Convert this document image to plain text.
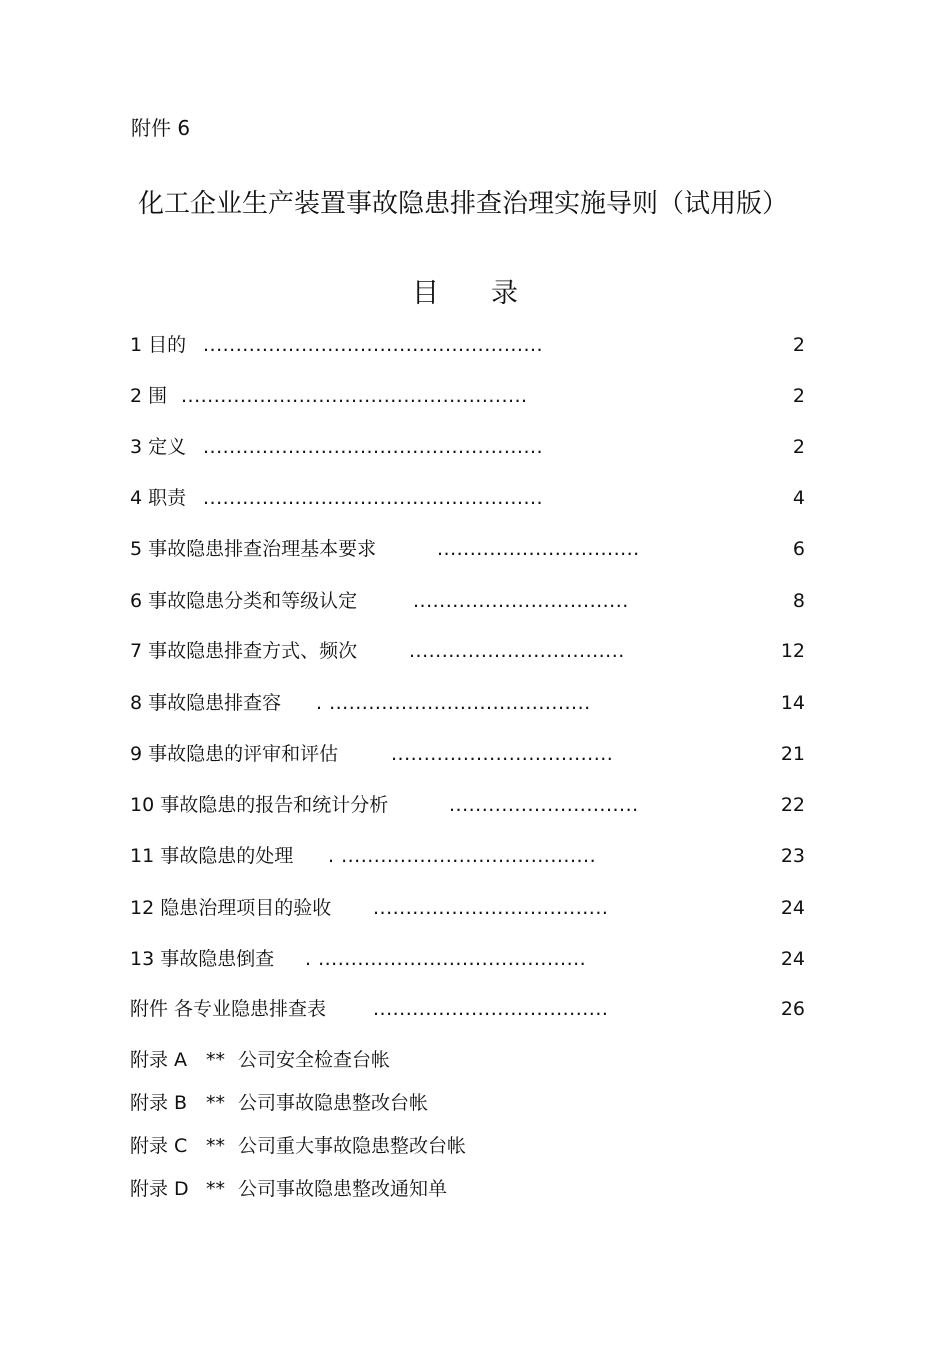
附件 6
化工企业生产装置事故隐患排查治理实施导则（试用版）
目录
1 目的 ....................................................	2
2 围 .....................................................	2
3 定义 ....................................................	2
4 职责 ....................................................	4
5 事故隐患排查治理基本要求	...............................	6
6 事故隐患分类和等级认定	.................................	8
7 事故隐患排查方式、频次	.................................	12
8 事故隐患排查容 . ........................................	14
9 事故隐患的评审和评估	..................................	21
10 事故隐患的报告和统计分析	.............................	22
11 事故隐患的处理 . .......................................	23
12 隐患治理项目的验收 ....................................	24
13 事故隐患倒查 . .........................................	24
附件 各专业隐患排查表 ....................................	26
附录 A ** 公司安全检查台帐
附录 B ** 公司事故隐患整改台帐
附录 C ** 公司重大事故隐患整改台帐
附录 D ** 公司事故隐患整改通知单
